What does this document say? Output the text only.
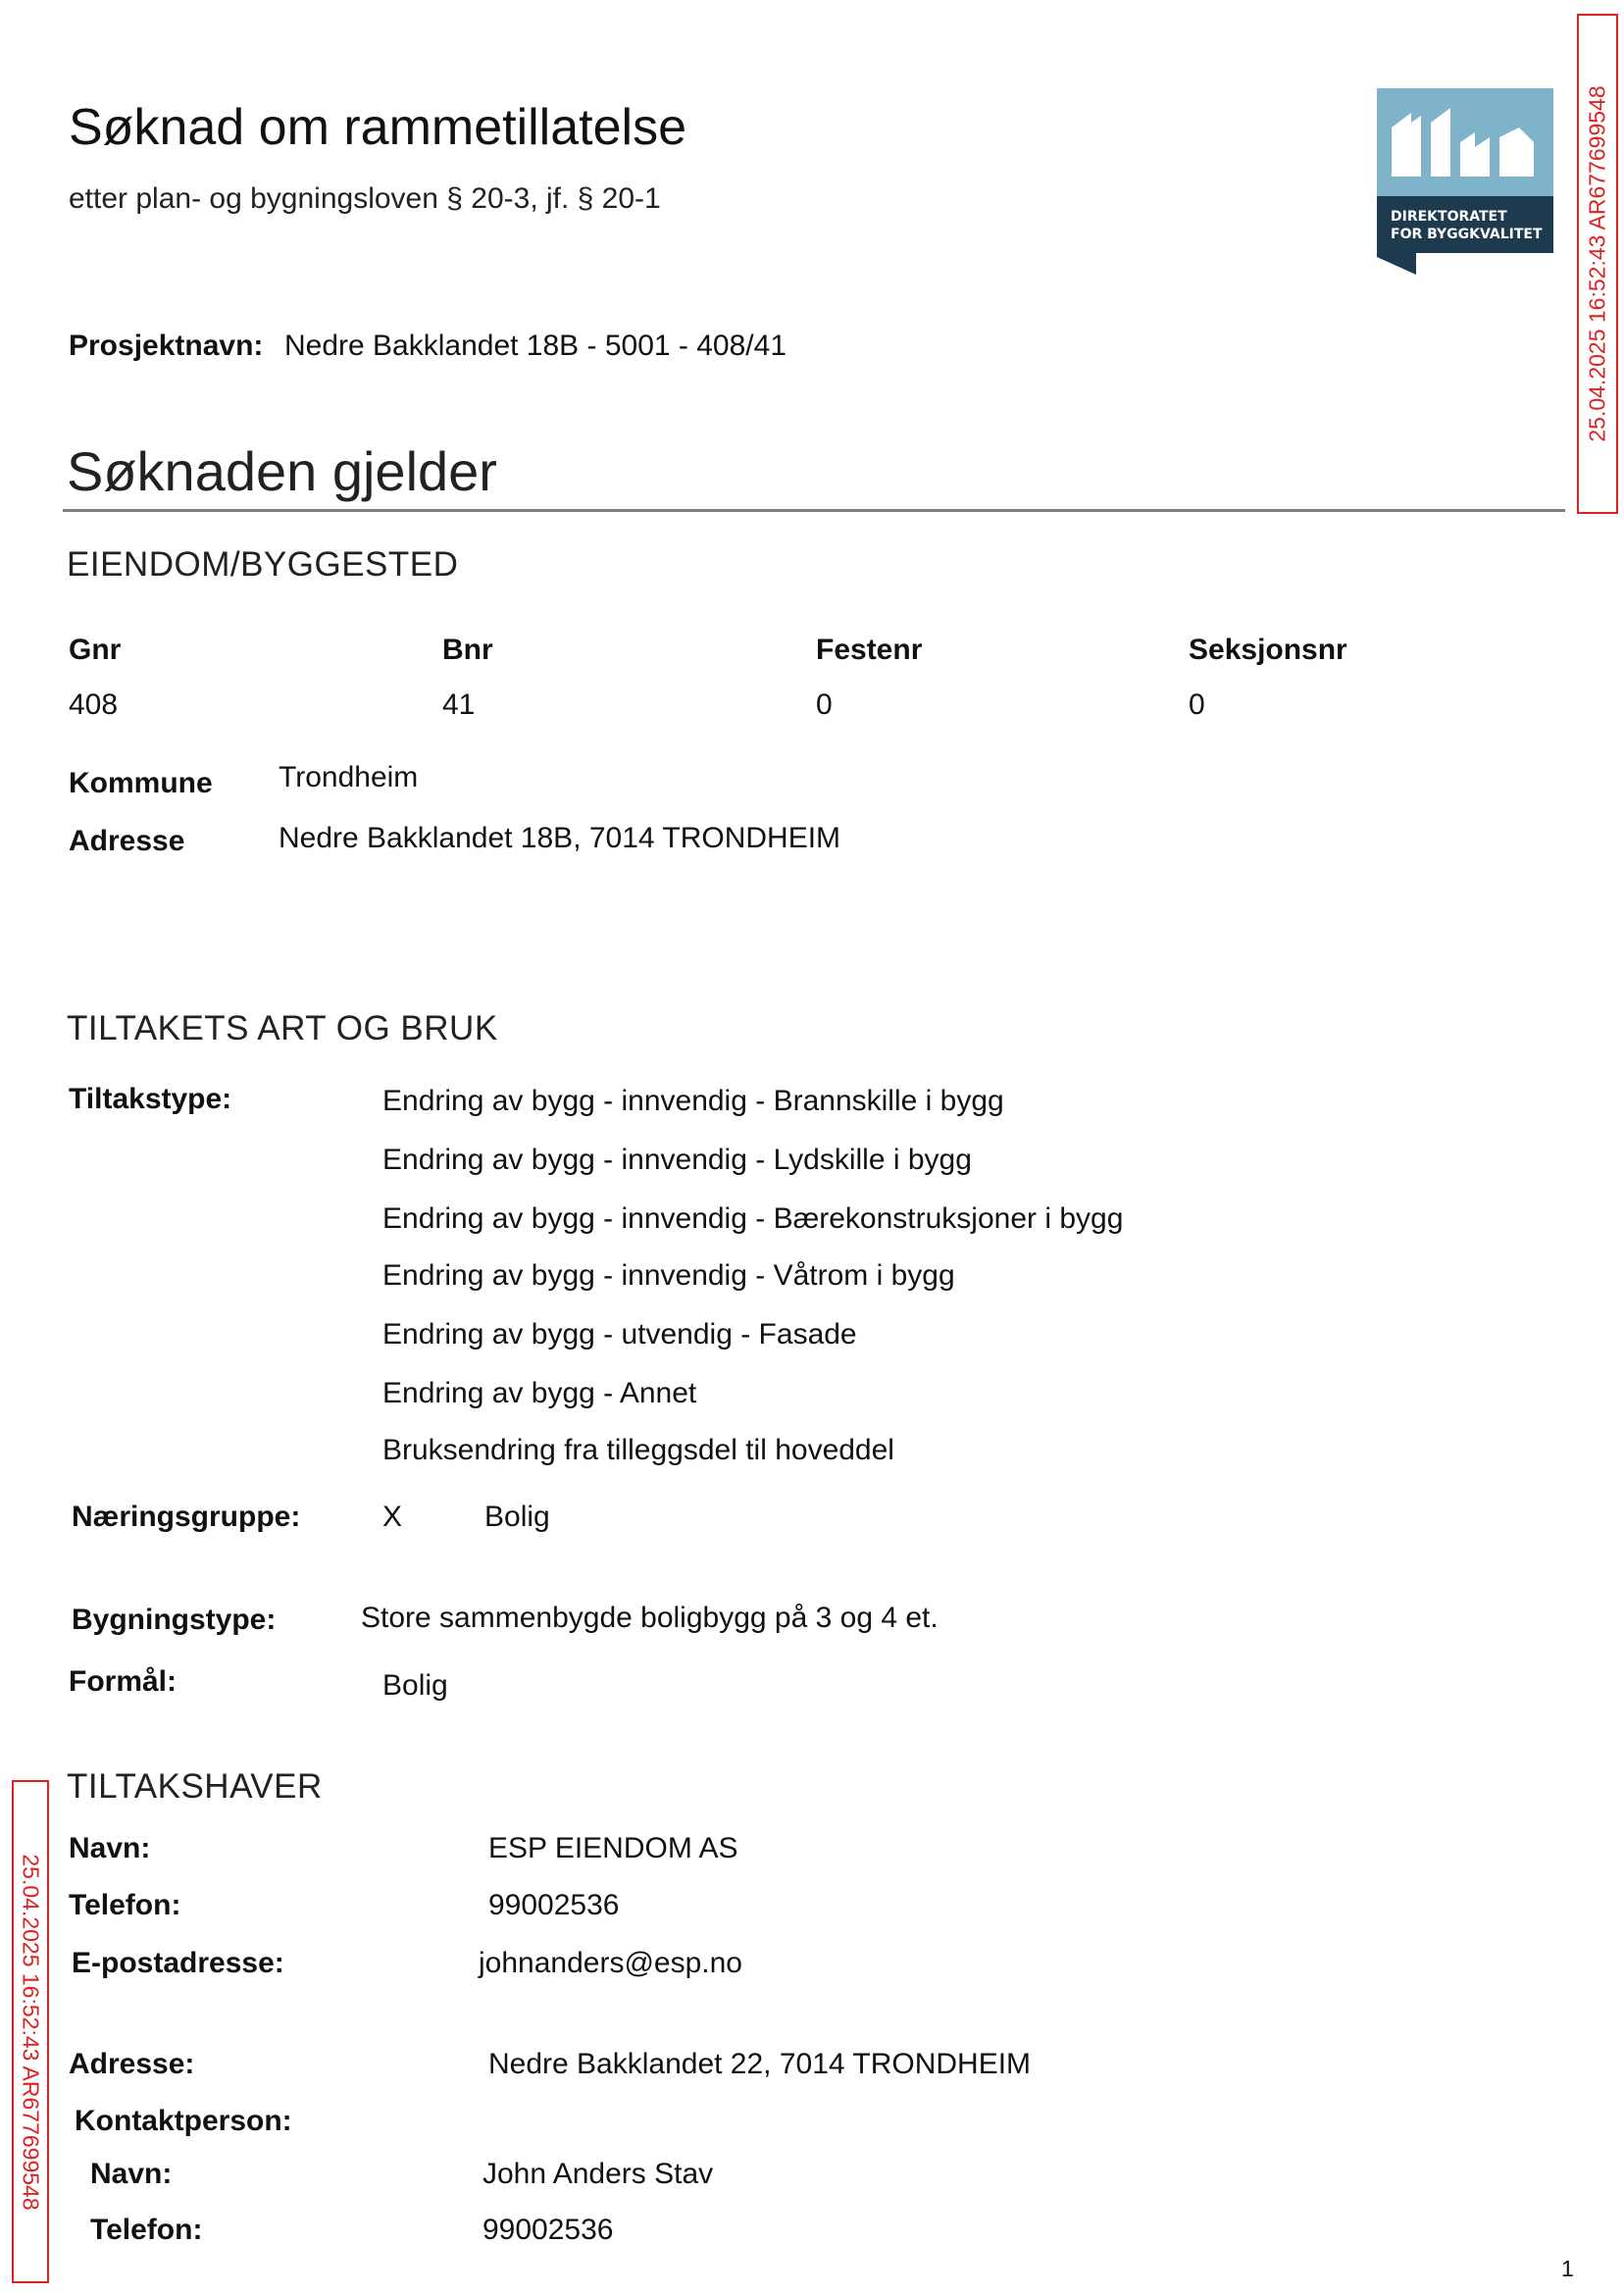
Søknad om rammetillatelse
etter plan- og bygningsloven § 20-3, jf. § 20-1
Prosjektnavn: Nedre Bakklandet 18B - 5001 - 408/41
DIREKTORATET
FOR BYGGKVALITET 25.04.2025 16:52:43 AR677699548
25.04.2025 16:52:43 AR677699548
Søknaden gjelder
EIENDOM/BYGGESTED
Gnr	Bnr	Festenr	Seksjonsnr
408	41	0	0
Kommune Trondheim
Adresse	Nedre Bakklandet 18B, 7014 TRONDHEIM
TILTAKETS ART OG BRUK
Tiltakstype:	Endring av bygg - innvendig - Brannskille i bygg
Endring av bygg - innvendig - Lydskille i bygg
Endring av bygg - innvendig - Bærekonstruksjoner i bygg
Endring av bygg - innvendig - Våtrom i bygg
Endring av bygg - utvendig - Fasade
Endring av bygg - Annet
Bruksendring fra tilleggsdel til hoveddel
Næringsgruppe:	X	Bolig
Bygningstype:	Store sammenbygde boligbygg på 3 og 4 et.
Formål:	Bolig
TILTAKSHAVER
Navn:	ESP EIENDOM AS
Telefon:	99002536
E-postadresse:	johnanders@esp.no
Adresse:	Nedre Bakklandet 22, 7014 TRONDHEIM
Kontaktperson:
Navn:	John Anders Stav
Telefon:	99002536
1
